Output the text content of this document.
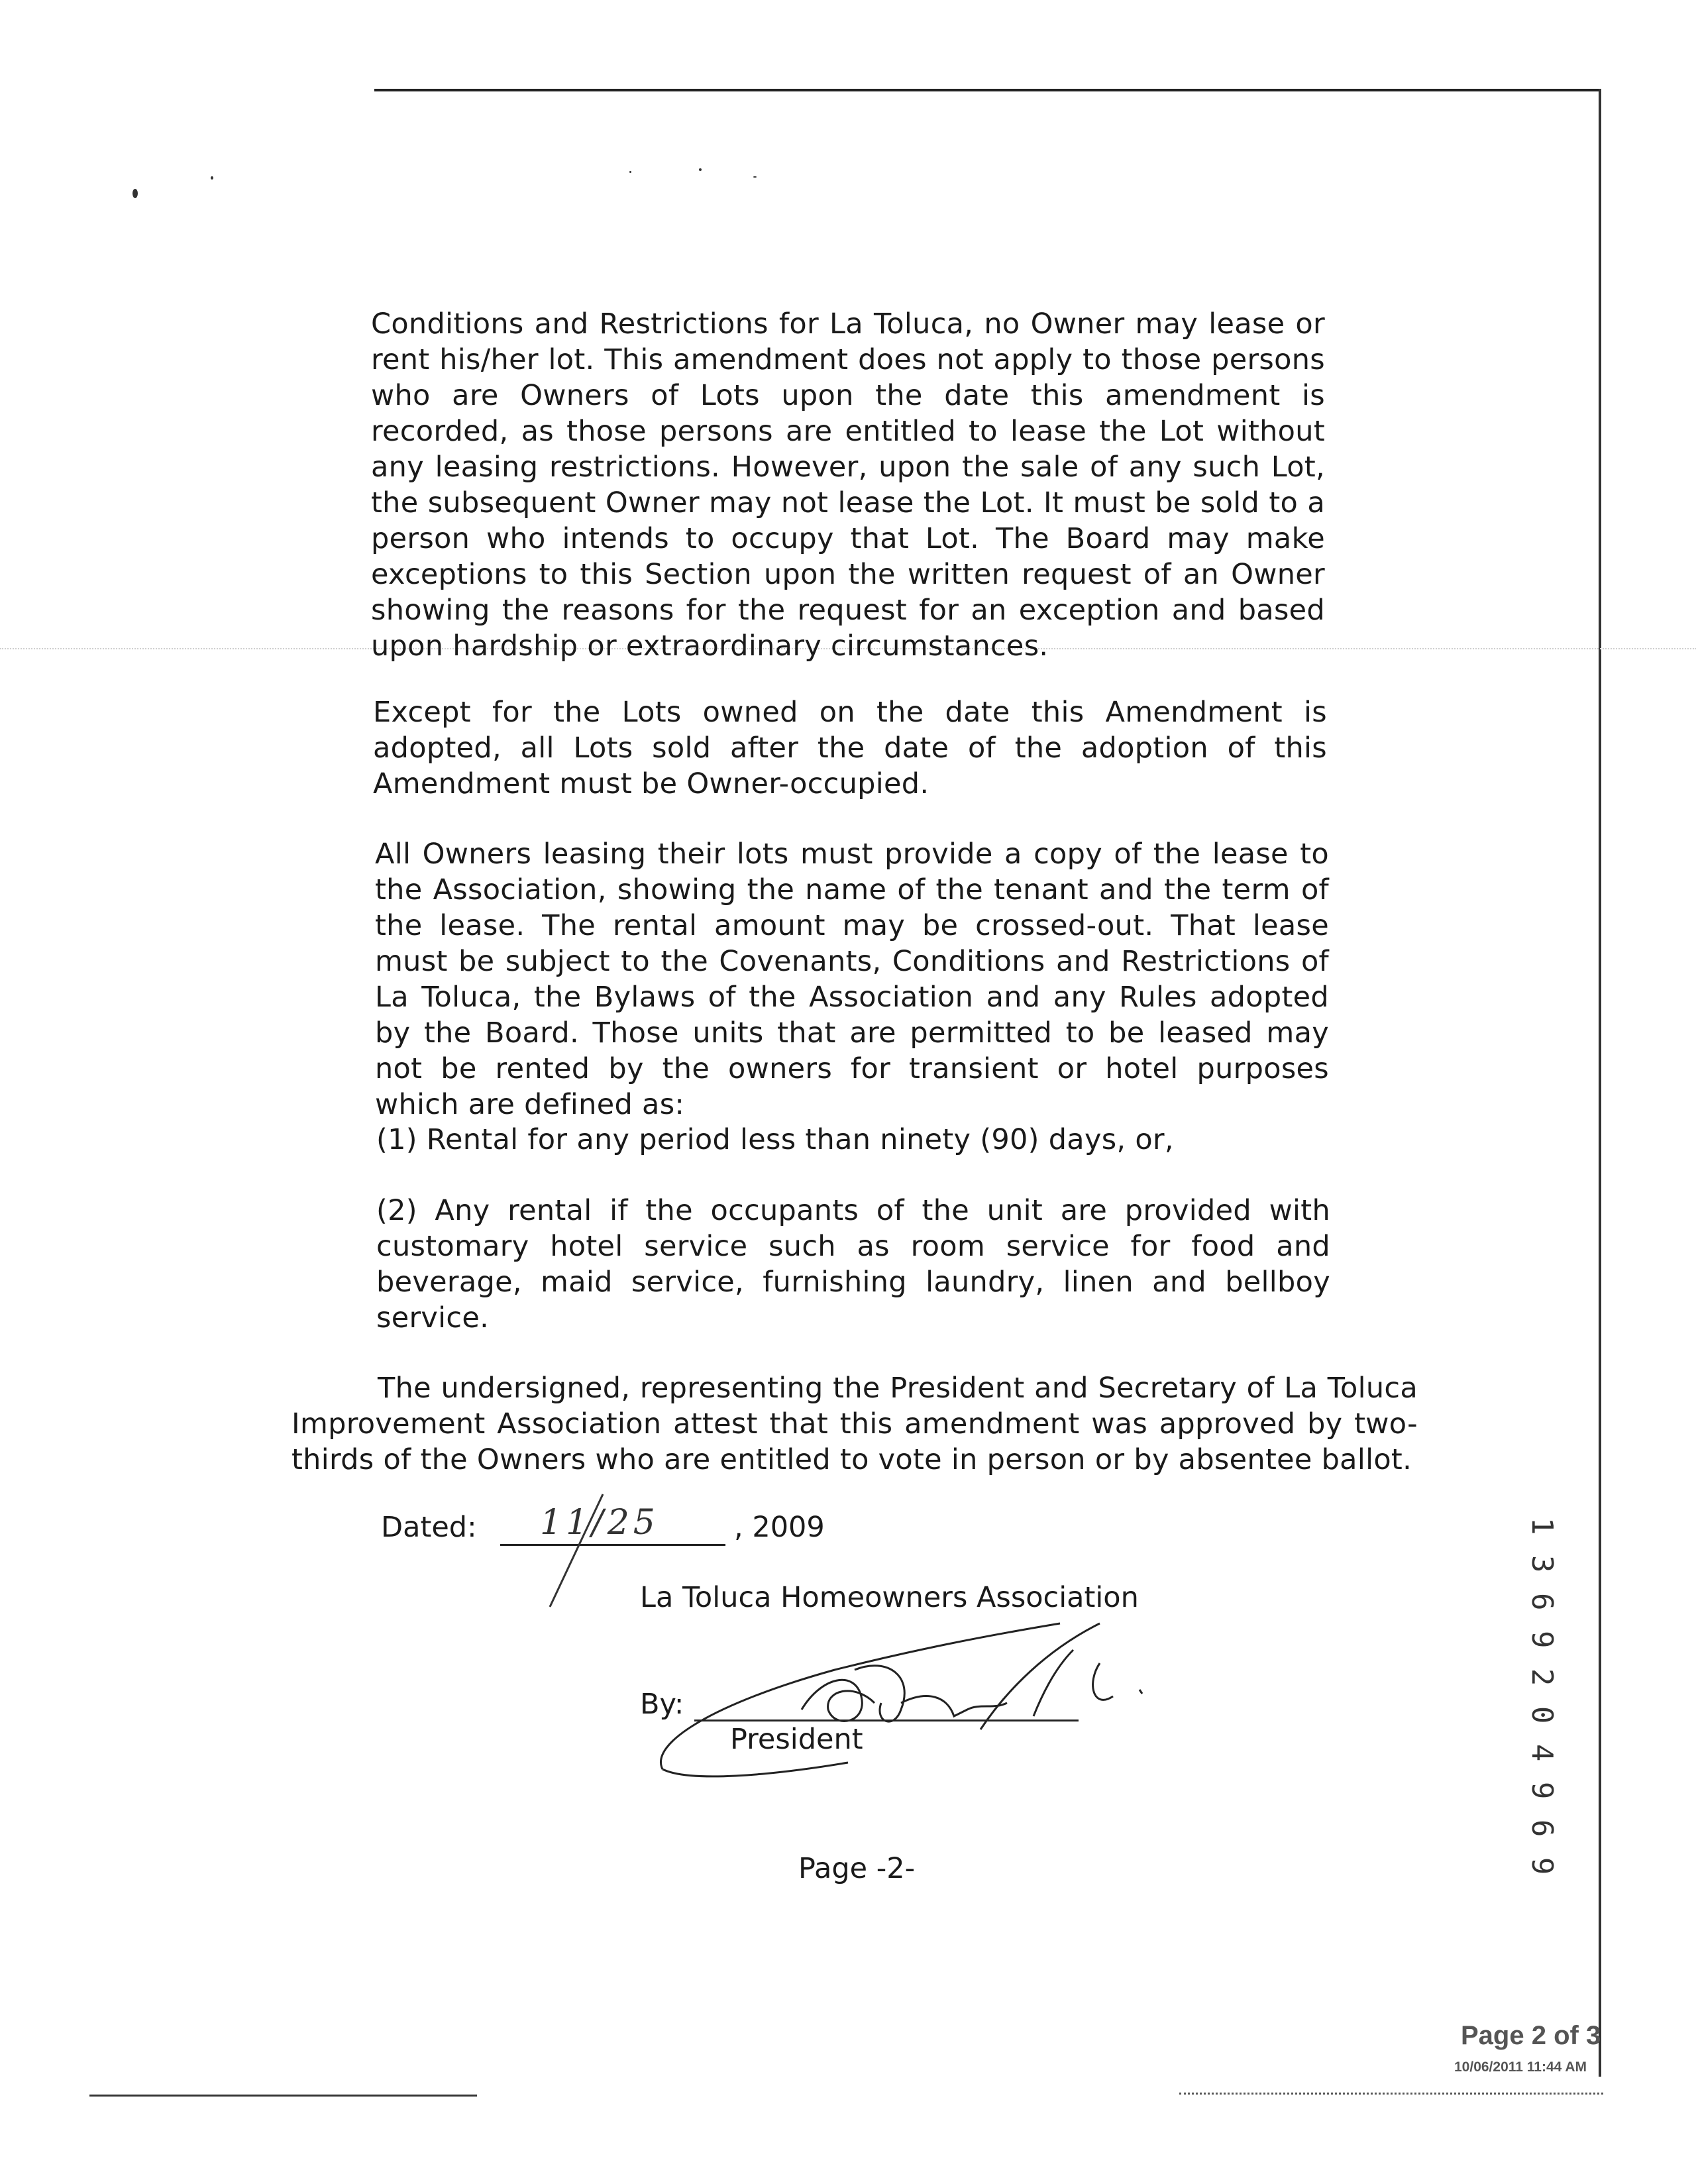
Conditions and Restrictions for La Toluca, no Owner may lease or rent his/her lot. This amendment does not apply to those persons who are Owners of Lots upon the date this amendment is recorded, as those persons are entitled to lease the Lot without any leasing restrictions. However, upon the sale of any such Lot, the subsequent Owner may not lease the Lot. It must be sold to a person who intends to occupy that Lot. The Board may make exceptions to this Section upon the written request of an Owner showing the reasons for the request for an exception and based upon hardship or extraordinary circumstances.

Except for the Lots owned on the date this Amendment is adopted, all Lots sold after the date of the adoption of this Amendment must be Owner-occupied.

All Owners leasing their lots must provide a copy of the lease to the Association, showing the name of the tenant and the term of the lease. The rental amount may be crossed-out. That lease must be subject to the Covenants, Conditions and Restrictions of La Toluca, the Bylaws of the Association and any Rules adopted by the Board. Those units that are permitted to be leased may not be rented by the owners for transient or hotel purposes which are defined as:

(1) Rental for any period less than ninety (90) days, or,

(2) Any rental if the occupants of the unit are provided with customary hotel service such as room service for food and beverage, maid service, furnishing laundry, linen and bellboy service.

The undersigned, representing the President and Secretary of La Toluca Improvement Association attest that this amendment was approved by two-thirds of the Owners who are entitled to vote in person or by absentee ballot.

Dated: 11/25	, 2009
La Toluca Homeowners Association
By:
President
Page -2-	1 3 6 9 2 0 4 9 6 9
Page 2 of 3
10/06/2011 11:44 AM
